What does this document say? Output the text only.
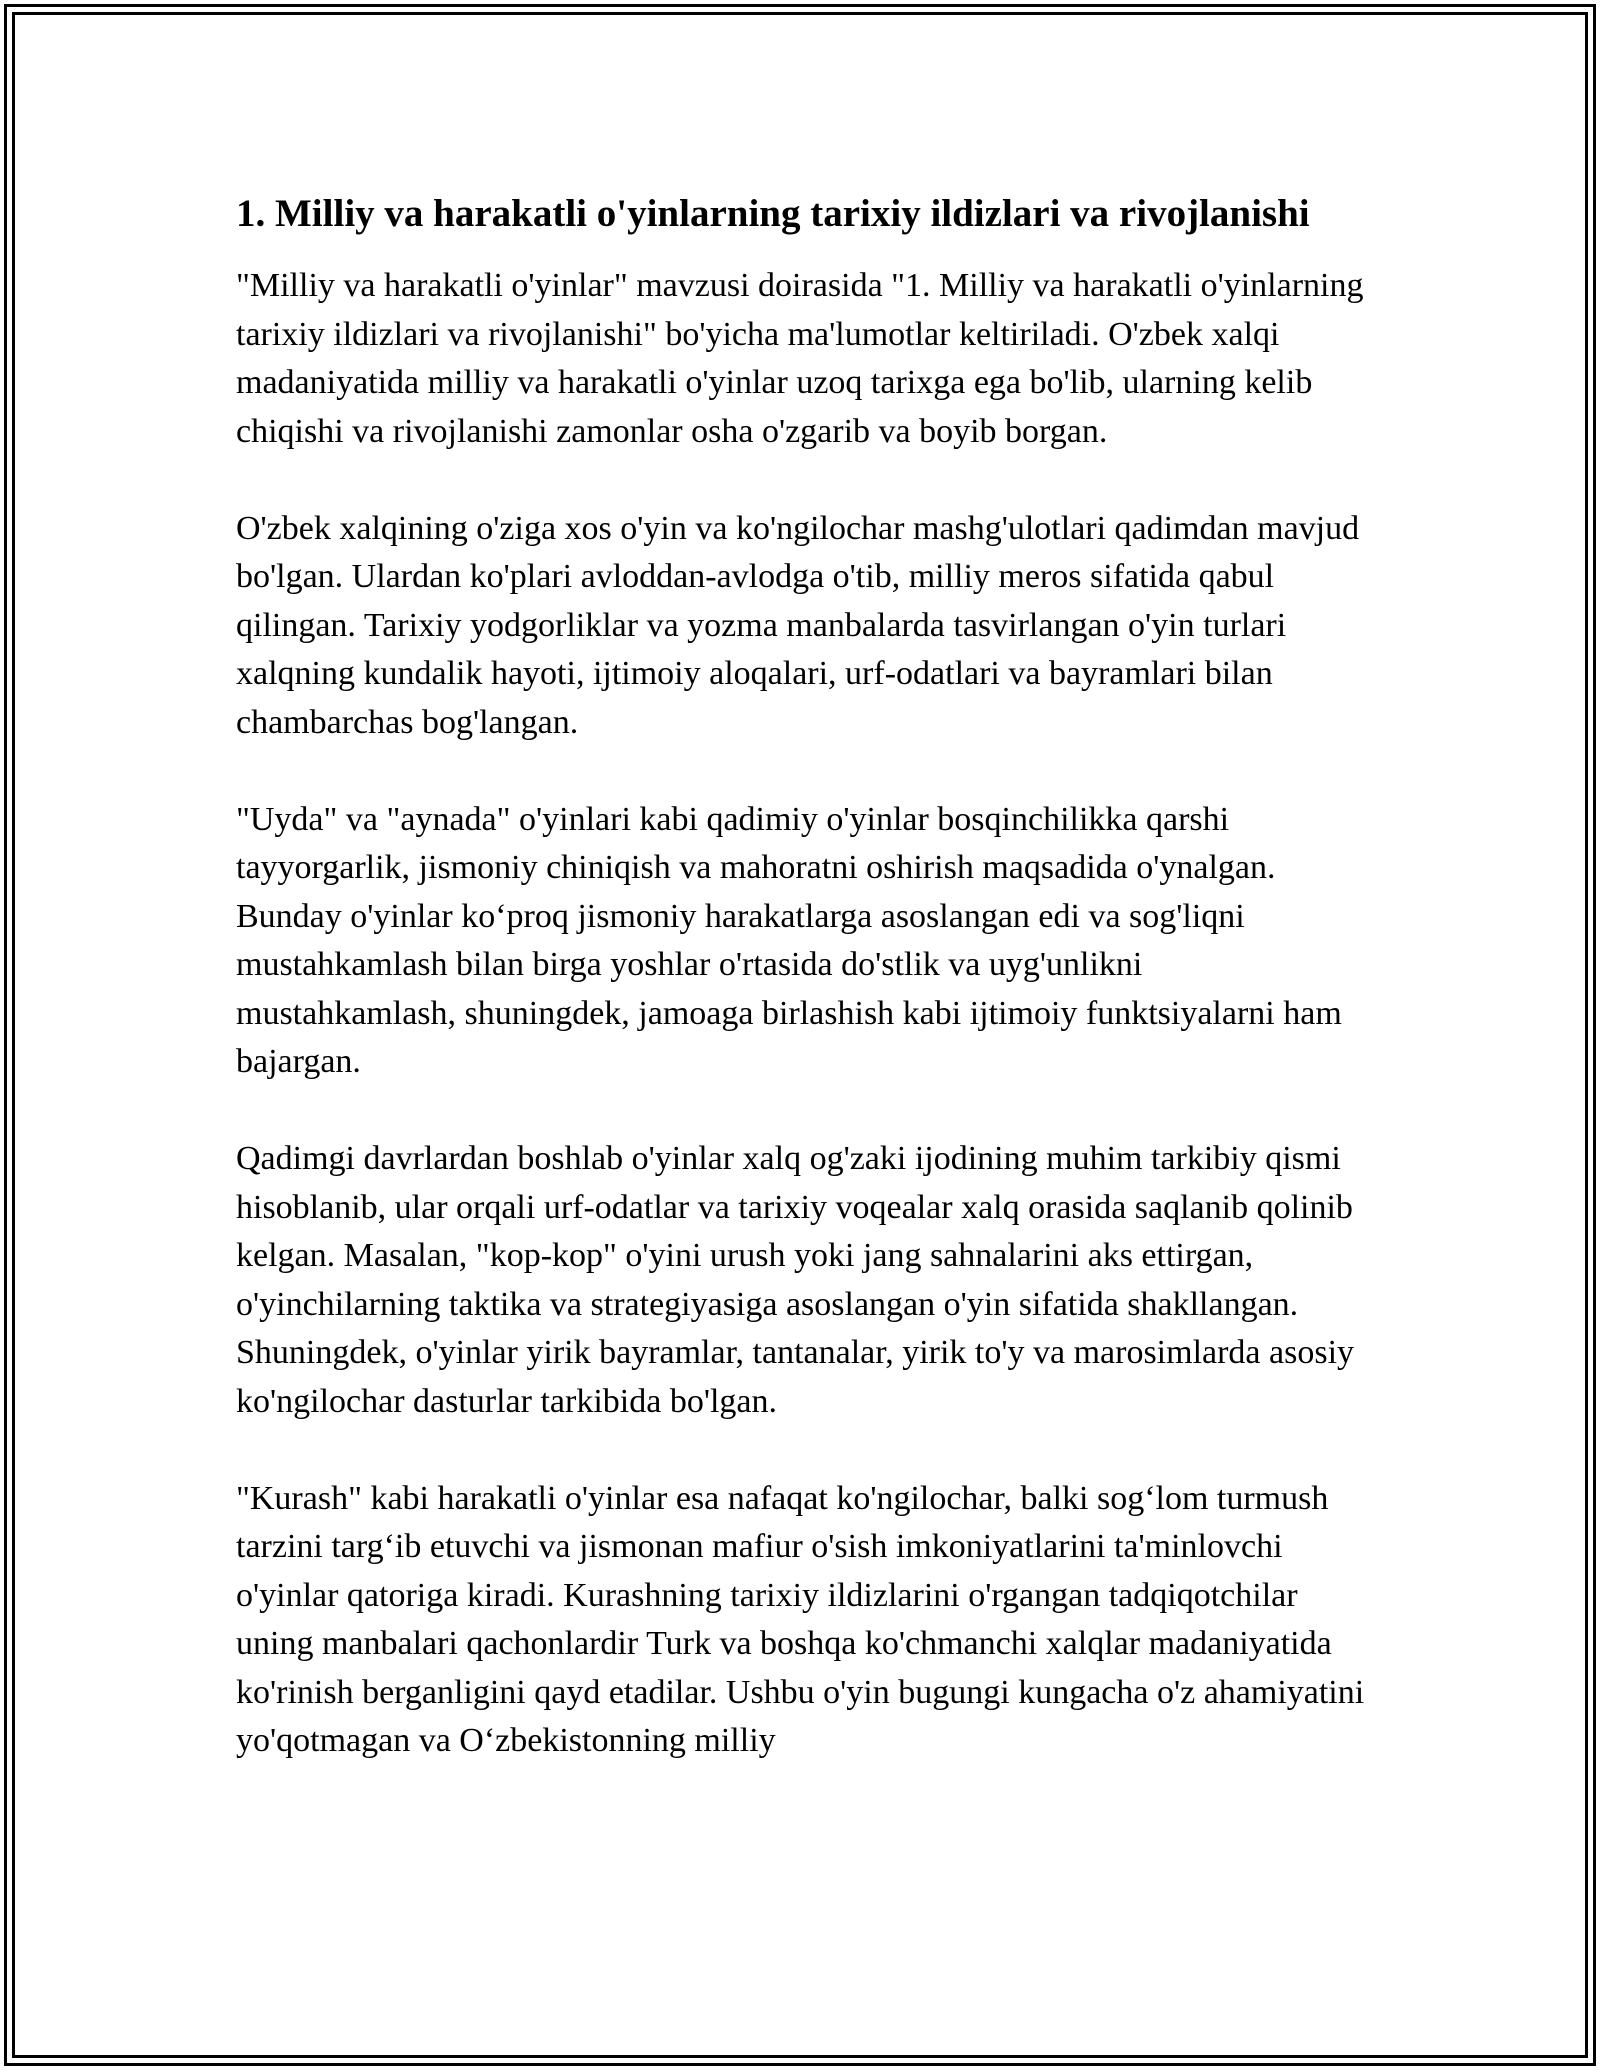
1. Milliy va harakatli o'yinlarning tarixiy ildizlari va rivojlanishi

"Milliy va harakatli o'yinlar" mavzusi doirasida "1. Milliy va harakatli o'yinlarning tarixiy ildizlari va rivojlanishi" bo'yicha ma'lumotlar keltiriladi. O'zbek xalqi madaniyatida milliy va harakatli o'yinlar uzoq tarixga ega bo'lib, ularning kelib chiqishi va rivojlanishi zamonlar osha o'zgarib va boyib borgan.

O'zbek xalqining o'ziga xos o'yin va ko'ngilochar mashg'ulotlari qadimdan mavjud bo'lgan. Ulardan ko'plari avloddan-avlodga o'tib, milliy meros sifatida qabul qilingan. Tarixiy yodgorliklar va yozma manbalarda tasvirlangan o'yin turlari xalqning kundalik hayoti, ijtimoiy aloqalari, urf-odatlari va bayramlari bilan chambarchas bog'langan.

"Uyda" va "aynada" o'yinlari kabi qadimiy o'yinlar bosqinchilikka qarshi tayyorgarlik, jismoniy chiniqish va mahoratni oshirish maqsadida o'ynalgan. Bunday o'yinlar ko‘proq jismoniy harakatlarga asoslangan edi va sog'liqni mustahkamlash bilan birga yoshlar o'rtasida do'stlik va uyg'unlikni mustahkamlash, shuningdek, jamoaga birlashish kabi ijtimoiy funktsiyalarni ham bajargan.

Qadimgi davrlardan boshlab o'yinlar xalq og'zaki ijodining muhim tarkibiy qismi hisoblanib, ular orqali urf-odatlar va tarixiy voqealar xalq orasida saqlanib qolinib kelgan. Masalan, "kop-kop" o'yini urush yoki jang sahnalarini aks ettirgan, o'yinchilarning taktika va strategiyasiga asoslangan o'yin sifatida shakllangan. Shuningdek, o'yinlar yirik bayramlar, tantanalar, yirik to'y va marosimlarda asosiy ko'ngilochar dasturlar tarkibida bo'lgan.

"Kurash" kabi harakatli o'yinlar esa nafaqat ko'ngilochar, balki sog‘lom turmush tarzini targ‘ib etuvchi va jismonan mafiur o'sish imkoniyatlarini ta'minlovchi o'yinlar qatoriga kiradi. Kurashning tarixiy ildizlarini o'rgangan tadqiqotchilar uning manbalari qachonlardir Turk va boshqa ko'chmanchi xalqlar madaniyatida ko'rinish berganligini qayd etadilar. Ushbu o'yin bugungi kungacha o'z ahamiyatini yo'qotmagan va O‘zbekistonning milliy
